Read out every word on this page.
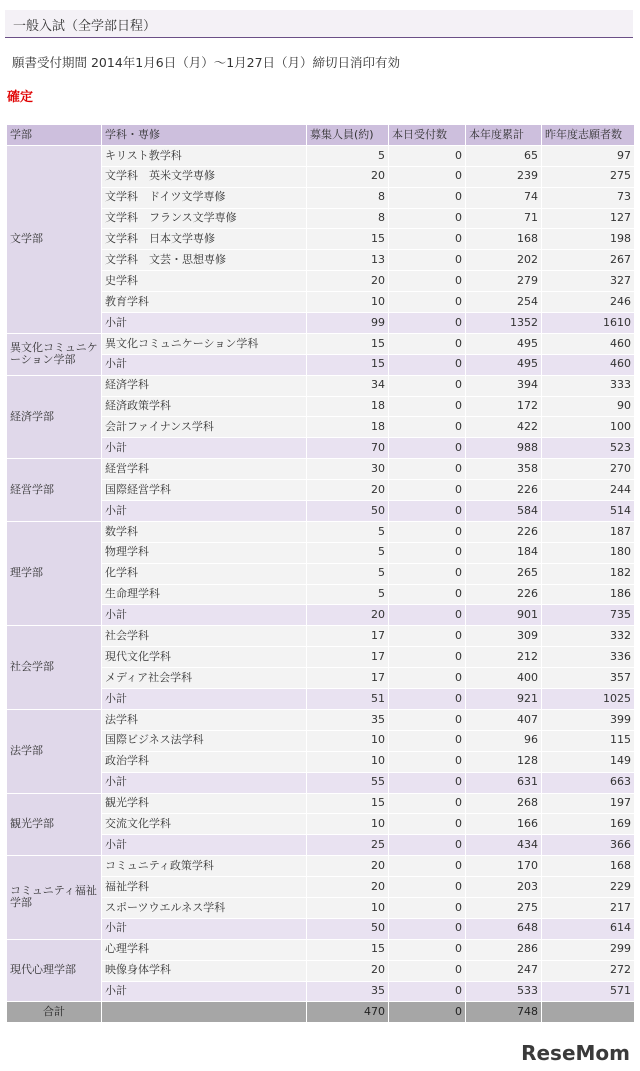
一般入試（全学部日程）
願書受付期間 2014年1月6日（月）～1月27日（月）締切日消印有効
確定
学部	学科・専修	募集人員(約)	本日受付数	本年度累計	昨年度志願者数
文学部	キリスト教学科	5	0	65	97
	文学科　英米文学専修	20	0	239	275
	文学科　ドイツ文学専修	8	0	74	73
	文学科　フランス文学専修	8	0	71	127
	文学科　日本文学専修	15	0	168	198
	文学科　文芸・思想専修	13	0	202	267
	史学科	20	0	279	327
	教育学科	10	0	254	246
	小計	99	0	1352	1610
異文化コミュニケーション学部	異文化コミュニケーション学科	15	0	495	460
	小計	15	0	495	460
経済学部	経済学科	34	0	394	333
	経済政策学科	18	0	172	90
	会計ファイナンス学科	18	0	422	100
	小計	70	0	988	523
経営学部	経営学科	30	0	358	270
	国際経営学科	20	0	226	244
	小計	50	0	584	514
理学部	数学科	5	0	226	187
	物理学科	5	0	184	180
	化学科	5	0	265	182
	生命理学科	5	0	226	186
	小計	20	0	901	735
社会学部	社会学科	17	0	309	332
	現代文化学科	17	0	212	336
	メディア社会学科	17	0	400	357
	小計	51	0	921	1025
法学部	法学科	35	0	407	399
	国際ビジネス法学科	10	0	96	115
	政治学科	10	0	128	149
	小計	55	0	631	663
観光学部	観光学科	15	0	268	197
	交流文化学科	10	0	166	169
	小計	25	0	434	366
コミュニティ福祉学部	コミュニティ政策学科	20	0	170	168
	福祉学科	20	0	203	229
	スポーツウエルネス学科	10	0	275	217
	小計	50	0	648	614
現代心理学部	心理学科	15	0	286	299
	映像身体学科	20	0	247	272
	小計	35	0	533	571
合計		470	0	748	
ReseMom
